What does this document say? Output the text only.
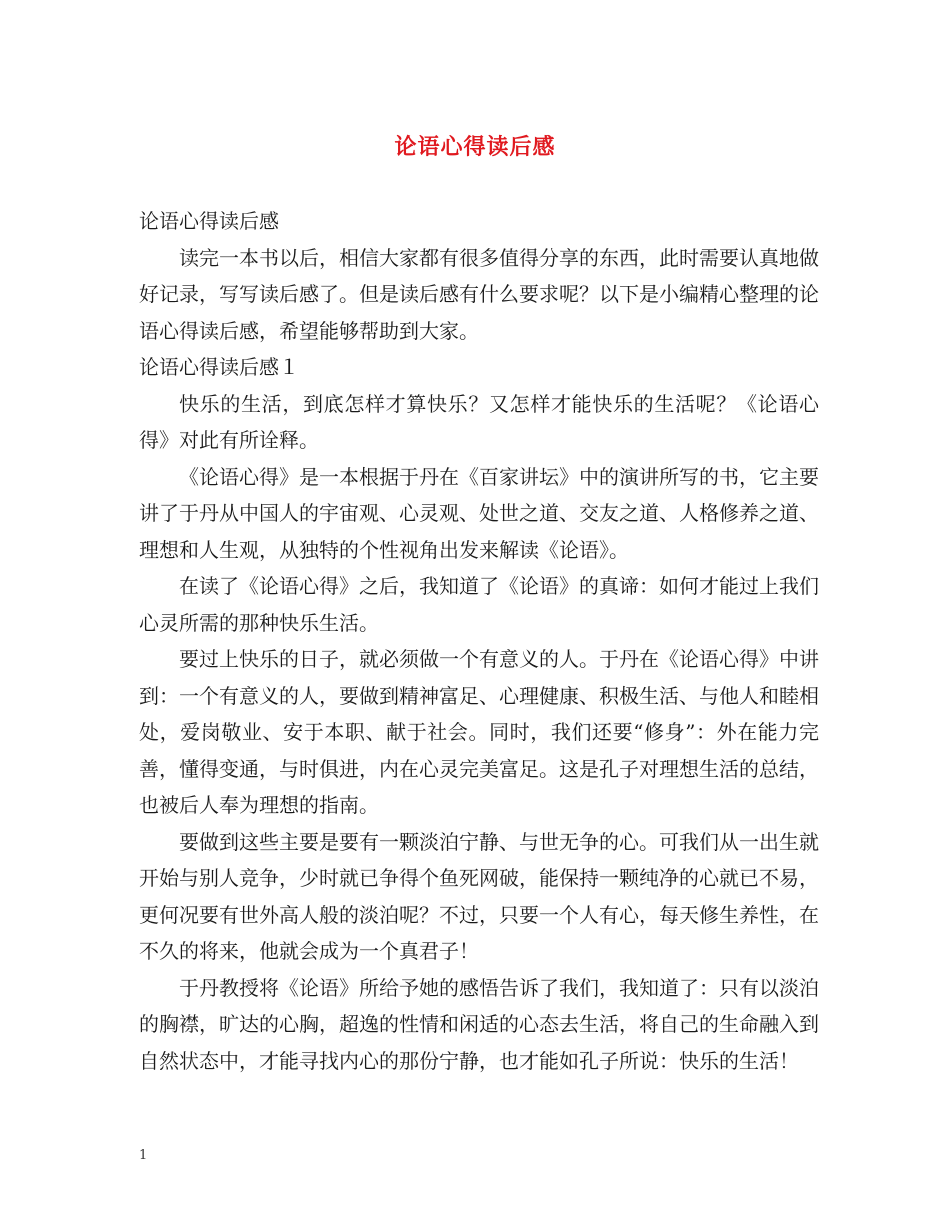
论语心得读后感

论语心得读后感

读完一本书以后，相信大家都有很多值得分享的东西，此时需要认真地做好记录，写写读后感了。但是读后感有什么要求呢？以下是小编精心整理的论语心得读后感，希望能够帮助到大家。

论语心得读后感１

快乐的生活，到底怎样才算快乐？又怎样才能快乐的生活呢？《论语心得》对此有所诠释。

《论语心得》是一本根据于丹在《百家讲坛》中的演讲所写的书，它主要讲了于丹从中国人的宇宙观、心灵观、处世之道、交友之道、人格修养之道、理想和人生观，从独特的个性视角出发来解读《论语》。

在读了《论语心得》之后，我知道了《论语》的真谛：如何才能过上我们心灵所需的那种快乐生活。

要过上快乐的日子，就必须做一个有意义的人。于丹在《论语心得》中讲到：一个有意义的人，要做到精神富足、心理健康、积极生活、与他人和睦相处，爱岗敬业、安于本职、献于社会。同时，我们还要“修身”：外在能力完善，懂得变通，与时俱进，内在心灵完美富足。这是孔子对理想生活的总结，也被后人奉为理想的指南。

要做到这些主要是要有一颗淡泊宁静、与世无争的心。可我们从一出生就开始与别人竞争，少时就已争得个鱼死网破，能保持一颗纯净的心就已不易，更何况要有世外高人般的淡泊呢？不过，只要一个人有心，每天修生养性，在不久的将来，他就会成为一个真君子！

于丹教授将《论语》所给予她的感悟告诉了我们，我知道了：只有以淡泊的胸襟，旷达的心胸，超逸的性情和闲适的心态去生活，将自己的生命融入到自然状态中，才能寻找内心的那份宁静，也才能如孔子所说：快乐的生活！

1
